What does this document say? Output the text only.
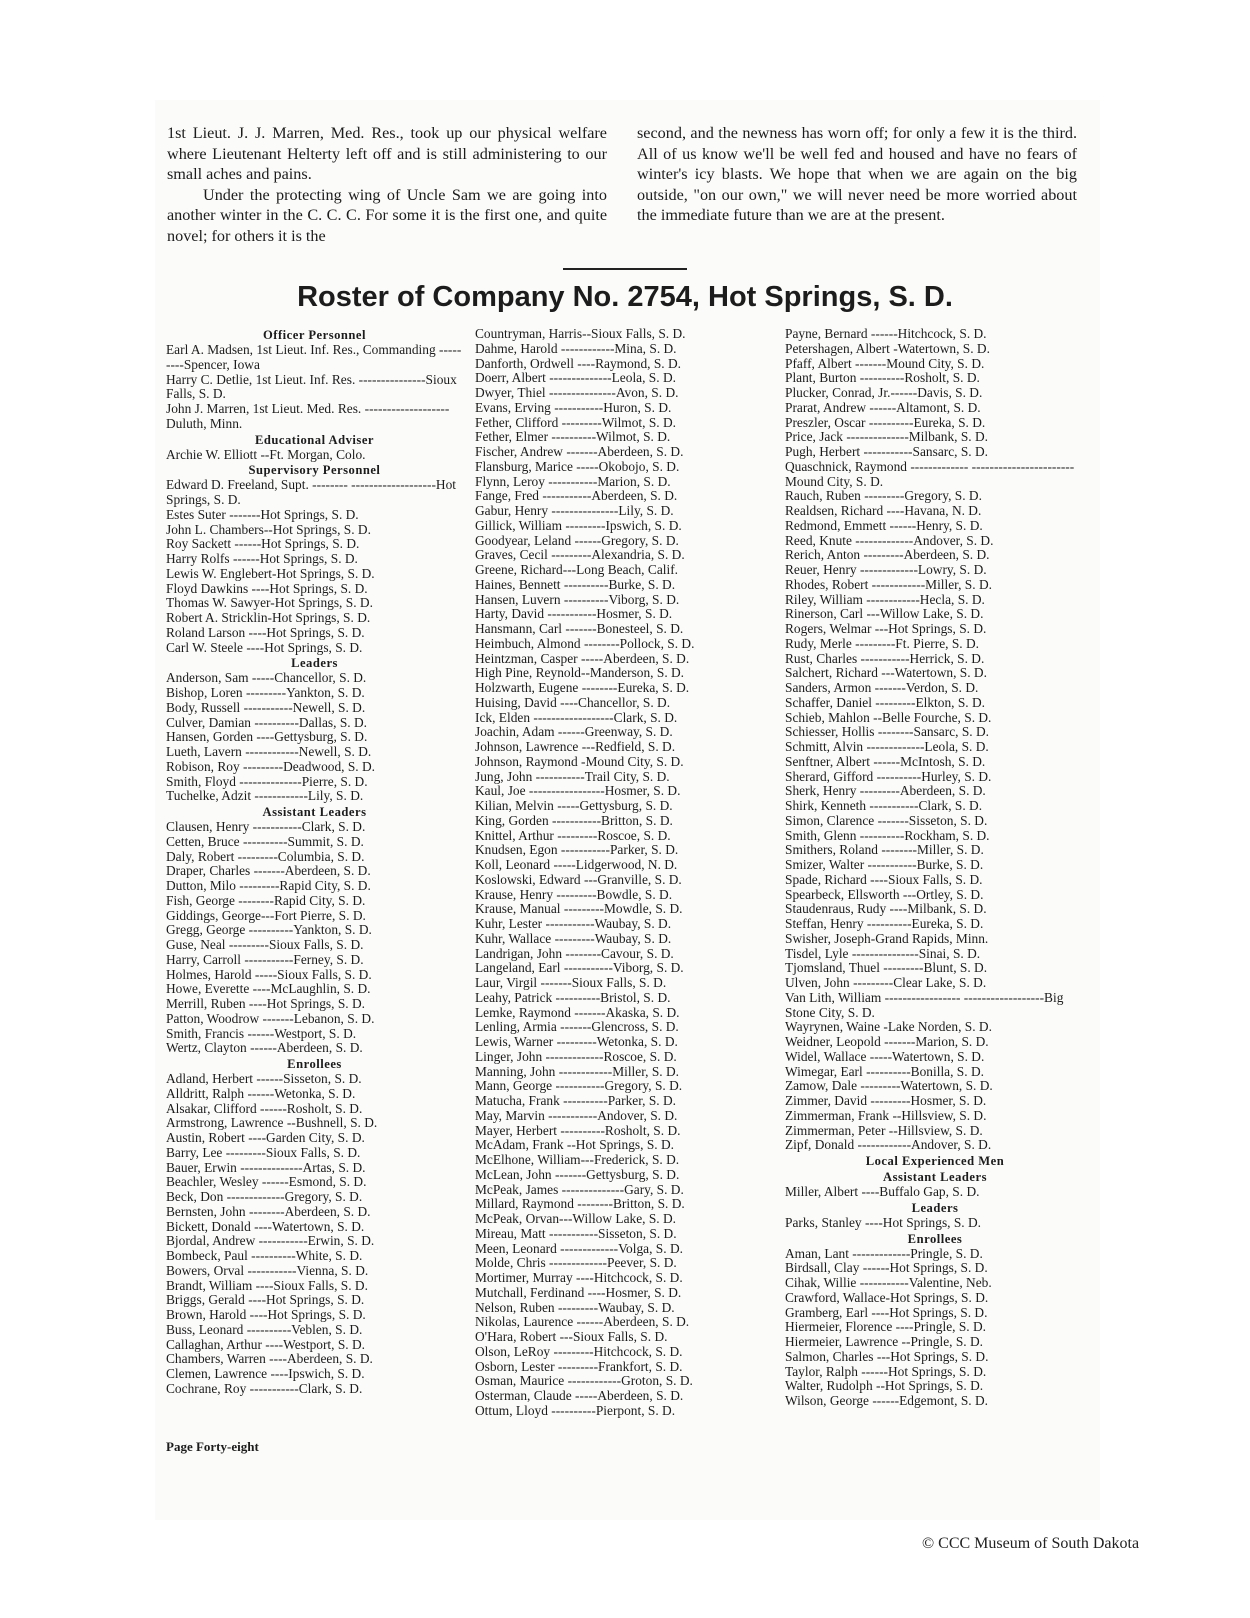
1st Lieut. J. J. Marren, Med. Res., took up our physical welfare where Lieutenant Helterty left off and is still administering to our small aches and pains.

Under the protecting wing of Uncle Sam we are going into another winter in the C. C. C. For some it is the first one, and quite novel; for others it is the

second, and the newness has worn off; for only a few it is the third. All of us know we'll be well fed and housed and have no fears of winter's icy blasts. We hope that when we are again on the big outside, "on our own," we will never need be more worried about the immediate future than we are at the present.

Roster of Company No. 2754, Hot Springs, S. D.
Officer Personnel
Earl A. Madsen, 1st Lieut. Inf. Res., Commanding ---------Spencer, Iowa
Harry C. Detlie, 1st Lieut. Inf. Res. ---------------Sioux Falls, S. D.
John J. Marren, 1st Lieut. Med. Res. -------------------Duluth, Minn.
Educational Adviser
Archie W. Elliott --Ft. Morgan, Colo.
Supervisory Personnel
Edward D. Freeland, Supt. -------- -------------------Hot Springs, S. D.
Estes Suter -------Hot Springs, S. D.
John L. Chambers--Hot Springs, S. D.
Roy Sackett ------Hot Springs, S. D.
Harry Rolfs ------Hot Springs, S. D.
Lewis W. Englebert-Hot Springs, S. D.
Floyd Dawkins ----Hot Springs, S. D.
Thomas W. Sawyer-Hot Springs, S. D.
Robert A. Stricklin-Hot Springs, S. D.
Roland Larson ----Hot Springs, S. D.
Carl W. Steele ----Hot Springs, S. D.
Leaders
Anderson, Sam -----Chancellor, S. D.
Bishop, Loren ---------Yankton, S. D.
Body, Russell -----------Newell, S. D.
Culver, Damian ----------Dallas, S. D.
Hansen, Gorden ----Gettysburg, S. D.
Lueth, Lavern ------------Newell, S. D.
Robison, Roy ---------Deadwood, S. D.
Smith, Floyd --------------Pierre, S. D.
Tuchelke, Adzit ------------Lily, S. D.
Assistant Leaders
Clausen, Henry -----------Clark, S. D.
Cetten, Bruce ----------Summit, S. D.
Daly, Robert ---------Columbia, S. D.
Draper, Charles -------Aberdeen, S. D.
Dutton, Milo ---------Rapid City, S. D.
Fish, George --------Rapid City, S. D.
Giddings, George---Fort Pierre, S. D.
Gregg, George ----------Yankton, S. D.
Guse, Neal ---------Sioux Falls, S. D.
Harry, Carroll -----------Ferney, S. D.
Holmes, Harold -----Sioux Falls, S. D.
Howe, Everette ----McLaughlin, S. D.
Merrill, Ruben ----Hot Springs, S. D.
Patton, Woodrow -------Lebanon, S. D.
Smith, Francis ------Westport, S. D.
Wertz, Clayton ------Aberdeen, S. D.
Enrollees
Adland, Herbert ------Sisseton, S. D.
Alldritt, Ralph ------Wetonka, S. D.
Alsakar, Clifford ------Rosholt, S. D.
Armstrong, Lawrence --Bushnell, S. D.
Austin, Robert ----Garden City, S. D.
Barry, Lee ---------Sioux Falls, S. D.
Bauer, Erwin --------------Artas, S. D.
Beachler, Wesley ------Esmond, S. D.
Beck, Don -------------Gregory, S. D.
Bernsten, John --------Aberdeen, S. D.
Bickett, Donald ----Watertown, S. D.
Bjordal, Andrew -----------Erwin, S. D.
Bombeck, Paul ----------White, S. D.
Bowers, Orval -----------Vienna, S. D.
Brandt, William ----Sioux Falls, S. D.
Briggs, Gerald ----Hot Springs, S. D.
Brown, Harold ----Hot Springs, S. D.
Buss, Leonard ----------Veblen, S. D.
Callaghan, Arthur ----Westport, S. D.
Chambers, Warren ----Aberdeen, S. D.
Clemen, Lawrence ----Ipswich, S. D.
Cochrane, Roy -----------Clark, S. D.
Countryman, Harris--Sioux Falls, S. D.
Dahme, Harold ------------Mina, S. D.
Danforth, Ordwell ----Raymond, S. D.
Doerr, Albert --------------Leola, S. D.
Dwyer, Thiel ---------------Avon, S. D.
Evans, Erving -----------Huron, S. D.
Fether, Clifford ---------Wilmot, S. D.
Fether, Elmer ----------Wilmot, S. D.
Fischer, Andrew -------Aberdeen, S. D.
Flansburg, Marice -----Okobojo, S. D.
Flynn, Leroy -----------Marion, S. D.
Fange, Fred -----------Aberdeen, S. D.
Gabur, Henry ---------------Lily, S. D.
Gillick, William ---------Ipswich, S. D.
Goodyear, Leland ------Gregory, S. D.
Graves, Cecil ---------Alexandria, S. D.
Greene, Richard---Long Beach, Calif.
Haines, Bennett ----------Burke, S. D.
Hansen, Luvern ----------Viborg, S. D.
Harty, David -----------Hosmer, S. D.
Hansmann, Carl -------Bonesteel, S. D.
Heimbuch, Almond --------Pollock, S. D.
Heintzman, Casper -----Aberdeen, S. D.
High Pine, Reynold--Manderson, S. D.
Holzwarth, Eugene --------Eureka, S. D.
Huising, David ----Chancellor, S. D.
Ick, Elden ------------------Clark, S. D.
Joachin, Adam ------Greenway, S. D.
Johnson, Lawrence ---Redfield, S. D.
Johnson, Raymond -Mound City, S. D.
Jung, John -----------Trail City, S. D.
Kaul, Joe -----------------Hosmer, S. D.
Kilian, Melvin -----Gettysburg, S. D.
King, Gorden -----------Britton, S. D.
Knittel, Arthur ---------Roscoe, S. D.
Knudsen, Egon -----------Parker, S. D.
Koll, Leonard -----Lidgerwood, N. D.
Koslowski, Edward ---Granville, S. D.
Krause, Henry ---------Bowdle, S. D.
Krause, Manual ---------Mowdle, S. D.
Kuhr, Lester -----------Waubay, S. D.
Kuhr, Wallace ---------Waubay, S. D.
Landrigan, John --------Cavour, S. D.
Langeland, Earl -----------Viborg, S. D.
Laur, Virgil -------Sioux Falls, S. D.
Leahy, Patrick ----------Bristol, S. D.
Lemke, Raymond -------Akaska, S. D.
Lenling, Armia -------Glencross, S. D.
Lewis, Warner ---------Wetonka, S. D.
Linger, John -------------Roscoe, S. D.
Manning, John ------------Miller, S. D.
Mann, George -----------Gregory, S. D.
Matucha, Frank ----------Parker, S. D.
May, Marvin -----------Andover, S. D.
Mayer, Herbert ----------Rosholt, S. D.
McAdam, Frank --Hot Springs, S. D.
McElhone, William---Frederick, S. D.
McLean, John -------Gettysburg, S. D.
McPeak, James --------------Gary, S. D.
Millard, Raymond --------Britton, S. D.
McPeak, Orvan---Willow Lake, S. D.
Mireau, Matt -----------Sisseton, S. D.
Meen, Leonard -------------Volga, S. D.
Molde, Chris -------------Peever, S. D.
Mortimer, Murray ----Hitchcock, S. D.
Mutchall, Ferdinand ----Hosmer, S. D.
Nelson, Ruben ---------Waubay, S. D.
Nikolas, Laurence ------Aberdeen, S. D.
O'Hara, Robert ---Sioux Falls, S. D.
Olson, LeRoy ---------Hitchcock, S. D.
Osborn, Lester ---------Frankfort, S. D.
Osman, Maurice ------------Groton, S. D.
Osterman, Claude -----Aberdeen, S. D.
Ottum, Lloyd ----------Pierpont, S. D.
Payne, Bernard ------Hitchcock, S. D.
Petershagen, Albert -Watertown, S. D.
Pfaff, Albert -------Mound City, S. D.
Plant, Burton ----------Rosholt, S. D.
Plucker, Conrad, Jr.------Davis, S. D.
Prarat, Andrew ------Altamont, S. D.
Preszler, Oscar ----------Eureka, S. D.
Price, Jack --------------Milbank, S. D.
Pugh, Herbert -----------Sansarc, S. D.
Quaschnick, Raymond ------------- -----------------------Mound City, S. D.
Rauch, Ruben ---------Gregory, S. D.
Realdsen, Richard ----Havana, N. D.
Redmond, Emmett ------Henry, S. D.
Reed, Knute -------------Andover, S. D.
Rerich, Anton ---------Aberdeen, S. D.
Reuer, Henry -------------Lowry, S. D.
Rhodes, Robert ------------Miller, S. D.
Riley, William ------------Hecla, S. D.
Rinerson, Carl ---Willow Lake, S. D.
Rogers, Welmar ---Hot Springs, S. D.
Rudy, Merle ---------Ft. Pierre, S. D.
Rust, Charles -----------Herrick, S. D.
Salchert, Richard ---Watertown, S. D.
Sanders, Armon -------Verdon, S. D.
Schaffer, Daniel ---------Elkton, S. D.
Schieb, Mahlon --Belle Fourche, S. D.
Schiesser, Hollis --------Sansarc, S. D.
Schmitt, Alvin -------------Leola, S. D.
Senftner, Albert ------McIntosh, S. D.
Sherard, Gifford ----------Hurley, S. D.
Sherk, Henry ---------Aberdeen, S. D.
Shirk, Kenneth -----------Clark, S. D.
Simon, Clarence -------Sisseton, S. D.
Smith, Glenn ----------Rockham, S. D.
Smithers, Roland --------Miller, S. D.
Smizer, Walter -----------Burke, S. D.
Spade, Richard ----Sioux Falls, S. D.
Spearbeck, Ellsworth ---Ortley, S. D.
Staudenraus, Rudy ----Milbank, S. D.
Steffan, Henry ----------Eureka, S. D.
Swisher, Joseph-Grand Rapids, Minn.
Tisdel, Lyle ---------------Sinai, S. D.
Tjomsland, Thuel ---------Blunt, S. D.
Ulven, John ---------Clear Lake, S. D.
Van Lith, William ----------------- ------------------Big Stone City, S. D.
Wayrynen, Waine -Lake Norden, S. D.
Weidner, Leopold -------Marion, S. D.
Widel, Wallace -----Watertown, S. D.
Wimegar, Earl ----------Bonilla, S. D.
Zamow, Dale ---------Watertown, S. D.
Zimmer, David ---------Hosmer, S. D.
Zimmerman, Frank --Hillsview, S. D.
Zimmerman, Peter --Hillsview, S. D.
Zipf, Donald ------------Andover, S. D.
Local Experienced Men
Assistant Leaders
Miller, Albert ----Buffalo Gap, S. D.
Leaders
Parks, Stanley ----Hot Springs, S. D.
Enrollees
Aman, Lant -------------Pringle, S. D.
Birdsall, Clay ------Hot Springs, S. D.
Cihak, Willie -----------Valentine, Neb.
Crawford, Wallace-Hot Springs, S. D.
Gramberg, Earl ----Hot Springs, S. D.
Hiermeier, Florence ----Pringle, S. D.
Hiermeier, Lawrence --Pringle, S. D.
Salmon, Charles ---Hot Springs, S. D.
Taylor, Ralph ------Hot Springs, S. D.
Walter, Rudolph --Hot Springs, S. D.
Wilson, George ------Edgemont, S. D.
Page Forty-eight
© CCC Museum of South Dakota
